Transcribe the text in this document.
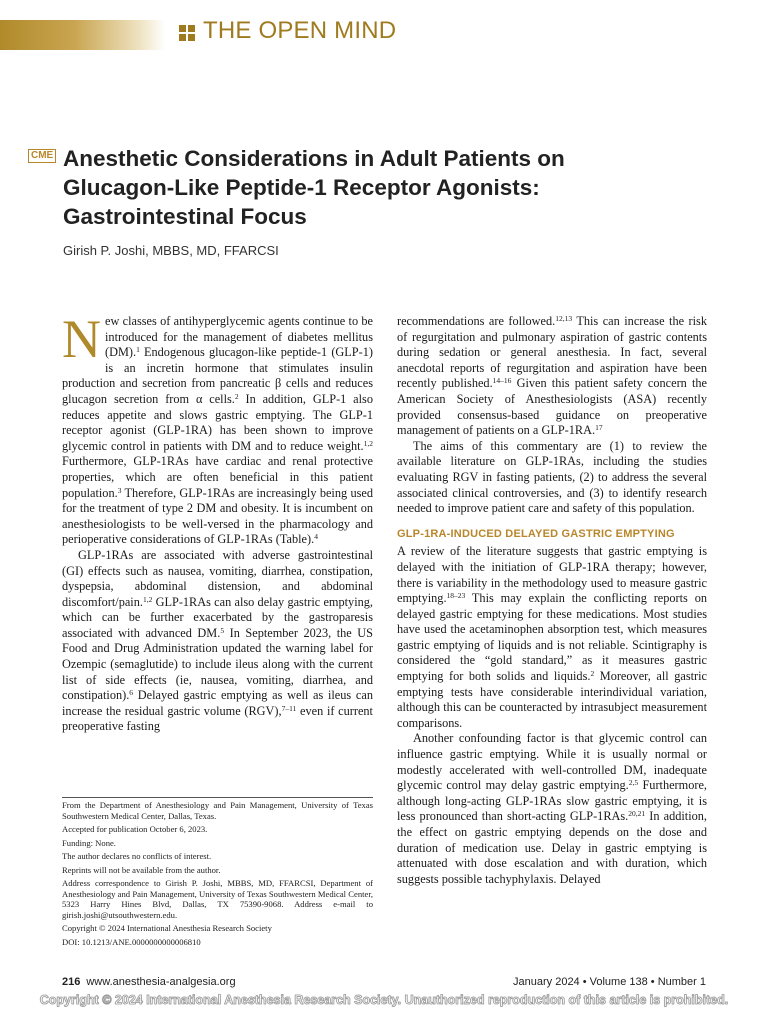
THE OPEN MIND
CME Anesthetic Considerations in Adult Patients on Glucagon-Like Peptide-1 Receptor Agonists: Gastrointestinal Focus
Girish P. Joshi, MBBS, MD, FFARCSI

New classes of antihyperglycemic agents continue to be introduced for the management of diabetes mellitus (DM).$^1$ Endogenous glucagon-like peptide-1 (GLP-1) is an incretin hormone that stimulates insulin production and secretion from pancreatic β cells and reduces glucagon secretion from α cells.$^2$ In addition, GLP-1 also reduces appetite and slows gastric emptying. The GLP-1 receptor agonist (GLP-1RA) has been shown to improve glycemic control in patients with DM and to reduce weight.$^{1,2}$ Furthermore, GLP-1RAs have cardiac and renal protective properties, which are often beneficial in this patient population.$^3$ Therefore, GLP-1RAs are increasingly being used for the treatment of type 2 DM and obesity. It is incumbent on anesthesiologists to be well-versed in the pharmacology and perioperative considerations of GLP-1RAs (Table).$^4$

GLP-1RAs are associated with adverse gastrointestinal (GI) effects such as nausea, vomiting, diarrhea, constipation, dyspepsia, abdominal distension, and abdominal discomfort/pain.$^{1,2}$ GLP-1RAs can also delay gastric emptying, which can be further exacerbated by the gastroparesis associated with advanced DM.$^5$ In September 2023, the US Food and Drug Administration updated the warning label for Ozempic (semaglutide) to include ileus along with the current list of side effects (ie, nausea, vomiting, diarrhea, and constipation).$^6$ Delayed gastric emptying as well as ileus can increase the residual gastric volume (RGV),$^{7-11}$ even if current preoperative fasting

recommendations are followed.$^{12,13}$ This can increase the risk of regurgitation and pulmonary aspiration of gastric contents during sedation or general anesthesia. In fact, several anecdotal reports of regurgitation and aspiration have been recently published.$^{14-16}$ Given this patient safety concern the American Society of Anesthesiologists (ASA) recently provided consensus-based guidance on preoperative management of patients on a GLP-1RA.$^{17}$

The aims of this commentary are (1) to review the available literature on GLP-1RAs, including the studies evaluating RGV in fasting patients, (2) to address the several associated clinical controversies, and (3) to identify research needed to improve patient care and safety of this population.

GLP-1RA-INDUCED DELAYED GASTRIC EMPTYING

A review of the literature suggests that gastric emptying is delayed with the initiation of GLP-1RA therapy; however, there is variability in the methodology used to measure gastric emptying.$^{18-23}$ This may explain the conflicting reports on delayed gastric emptying for these medications. Most studies have used the acetaminophen absorption test, which measures gastric emptying of liquids and is not reliable. Scintigraphy is considered the “gold standard,” as it measures gastric emptying for both solids and liquids.$^2$ Moreover, all gastric emptying tests have considerable interindividual variation, although this can be counteracted by intrasubject measurement comparisons.

Another confounding factor is that glycemic control can influence gastric emptying. While it is usually normal or modestly accelerated with well-controlled DM, inadequate glycemic control may delay gastric emptying.$^{2,5}$ Furthermore, although long-acting GLP-1RAs slow gastric emptying, it is less pronounced than short-acting GLP-1RAs.$^{20,21}$ In addition, the effect on gastric emptying depends on the dose and duration of medication use. Delay in gastric emptying is attenuated with dose escalation and with duration, which suggests possible tachyphylaxis. Delayed

From the Department of Anesthesiology and Pain Management, University of Texas Southwestern Medical Center, Dallas, Texas.
Accepted for publication October 6, 2023.
Funding: None.
The author declares no conflicts of interest.
Reprints will not be available from the author.
Address correspondence to Girish P. Joshi, MBBS, MD, FFARCSI, Department of Anesthesiology and Pain Management, University of Texas Southwestern Medical Center, 5323 Harry Hines Blvd, Dallas, TX 75390-9068. Address e-mail to girish.joshi@utsouthwestern.edu.
Copyright © 2024 International Anesthesia Research Society
DOI: 10.1213/ANE.0000000000006810
216 www.anesthesia-analgesia.org	January 2024 • Volume 138 • Number 1
Copyright © 2024 International Anesthesia Research Society. Unauthorized reproduction of this article is prohibited.
